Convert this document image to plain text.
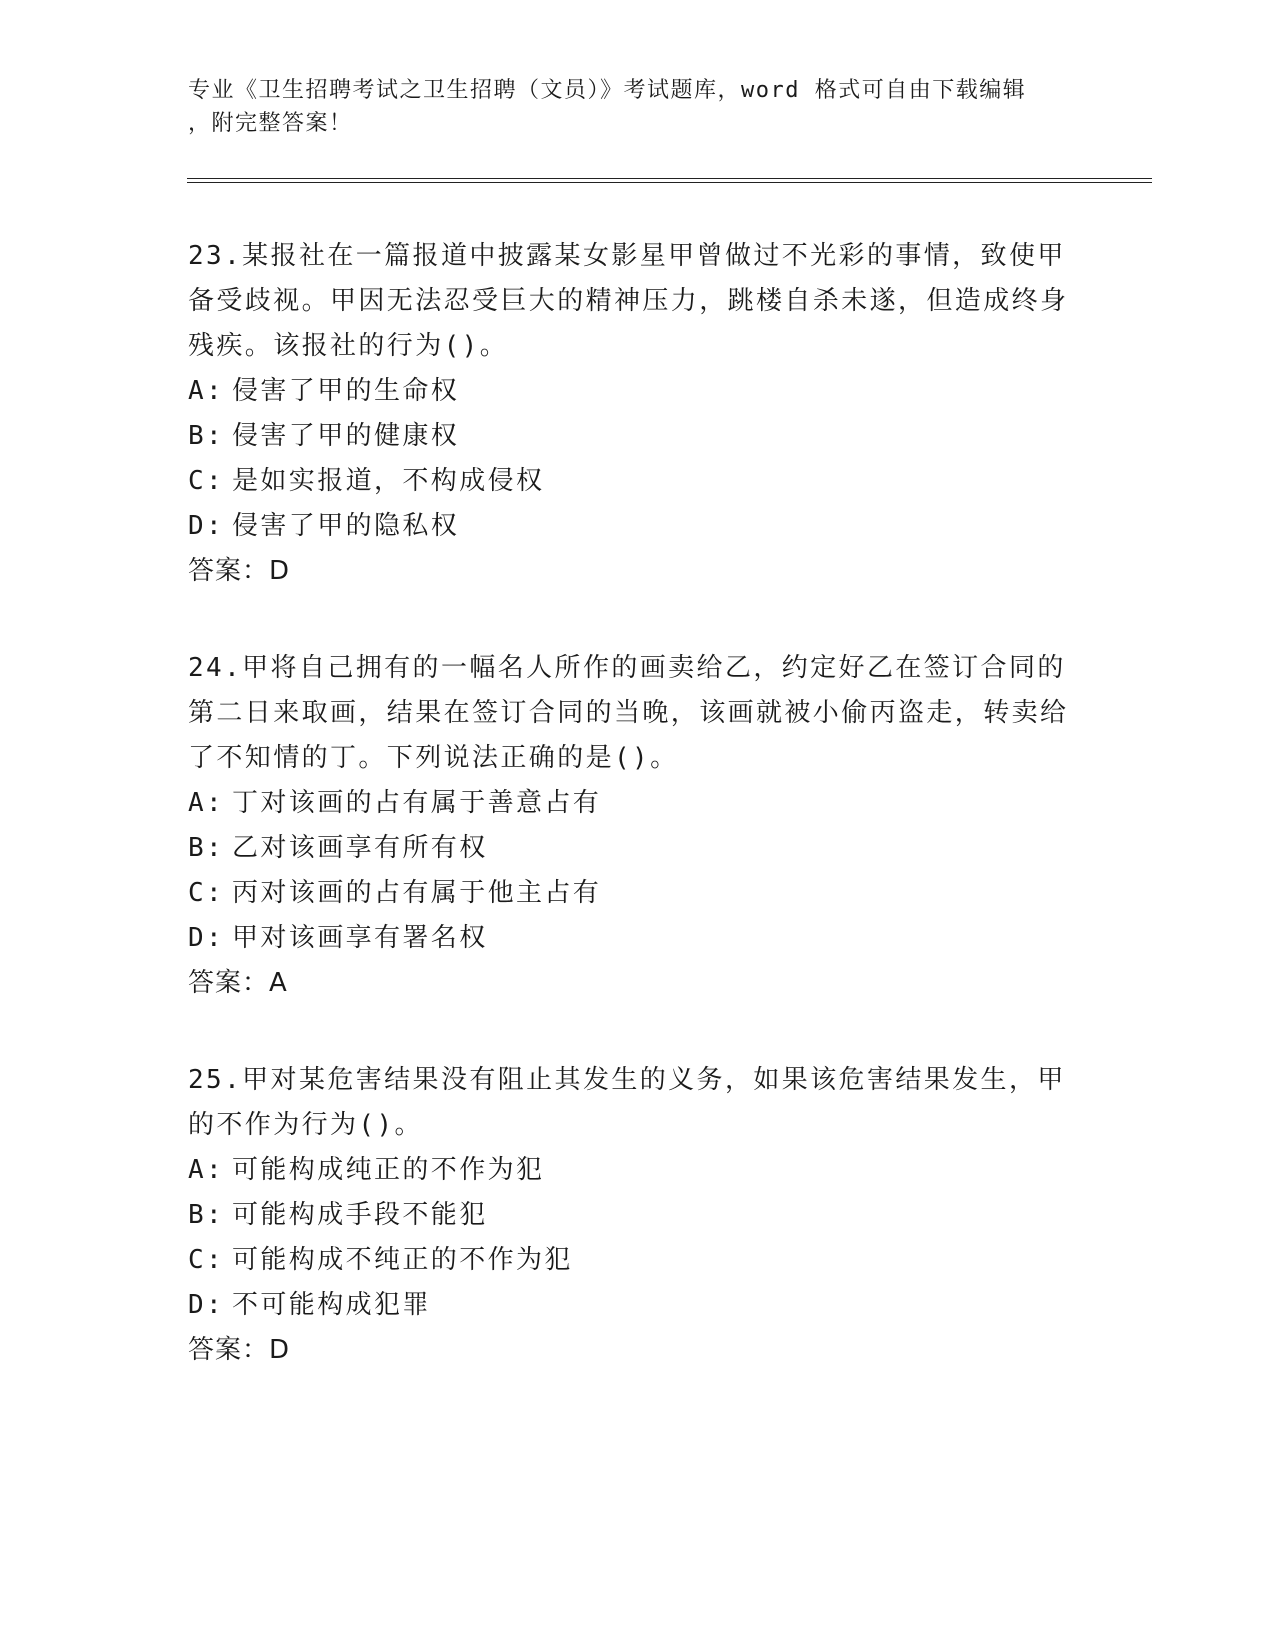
专业《卫生招聘考试之卫生招聘（文员）》考试题库，word 格式可自由下载编辑
，附完整答案！

23.某报社在一篇报道中披露某女影星甲曾做过不光彩的事情，致使甲备受歧视。甲因无法忍受巨大的精神压力，跳楼自杀未遂，但造成终身残疾。该报社的行为()。

A: 侵害了甲的生命权
B: 侵害了甲的健康权
C: 是如实报道，不构成侵权
D: 侵害了甲的隐私权
答案：D

24.甲将自己拥有的一幅名人所作的画卖给乙，约定好乙在签订合同的第二日来取画，结果在签订合同的当晚，该画就被小偷丙盗走，转卖给了不知情的丁。下列说法正确的是()。

A: 丁对该画的占有属于善意占有
B: 乙对该画享有所有权
C: 丙对该画的占有属于他主占有
D: 甲对该画享有署名权
答案：A

25.甲对某危害结果没有阻止其发生的义务，如果该危害结果发生，甲的不作为行为()。

A: 可能构成纯正的不作为犯
B: 可能构成手段不能犯
C: 可能构成不纯正的不作为犯
D: 不可能构成犯罪
答案：D
